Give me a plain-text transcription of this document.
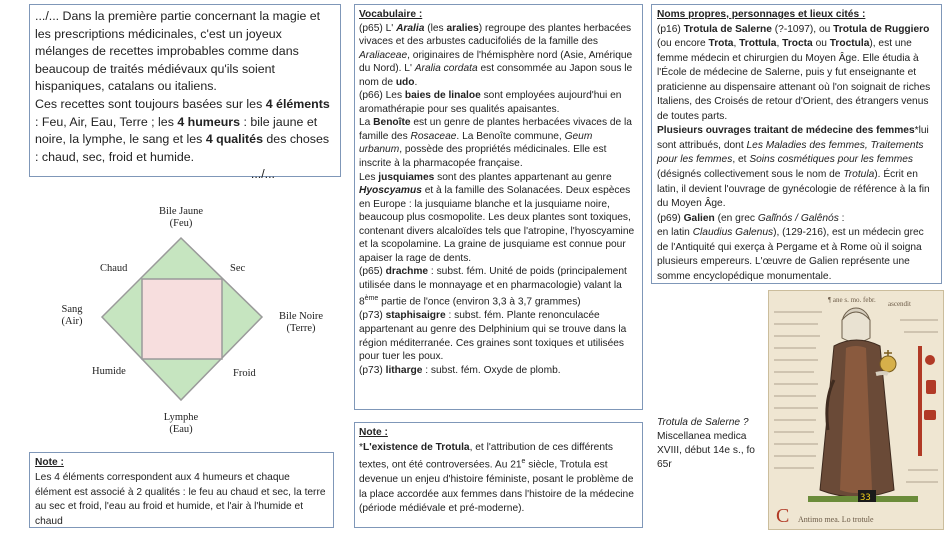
.../... Dans la première partie concernant la magie et les prescriptions médicinales, c'est un joyeux mélanges de recettes improbables comme dans beaucoup de traités médiévaux qu'ils soient hispaniques, catalans ou italiens.

Ces recettes sont toujours basées sur les 4 éléments : Feu, Air, Eau, Terre ; les 4 humeurs : bile jaune et noire, la lymphe, le sang et les 4 qualités des choses : chaud, sec, froid et humide.

.../...

Bile Jaune
(Feu)
Sang
(Air)	Bile Noire
(Terre)
Lymphe
(Eau)
Chaud	Sec
Humide	Froid
Note :
Les 4 éléments correspondent aux 4 humeurs et chaque élément est associé à 2 qualités : le feu au chaud et sec, la terre au sec et froid, l'eau au froid et humide, et l'air à l'humide et chaud
Vocabulaire :

(p65) L' Aralia (les aralies) regroupe des plantes herbacées vivaces et des arbustes caducifoliés de la famille des Araliaceae, originaires de l'hémisphère nord (Asie, Amérique du Nord). L' Aralia cordata est consommée au Japon sous le nom de udo.

(p66) Les baies de linaloe sont employées aujourd'hui en aromathérapie pour ses qualités apaisantes.

La Benoîte est un genre de plantes herbacées vivaces de la famille des Rosaceae. La Benoîte commune, Geum urbanum, possède des propriétés médicinales. Elle est inscrite à la pharmacopée française.

Les jusquiames sont des plantes appartenant au genre Hyoscyamus et à la famille des Solanacées. Deux espèces en Europe : la jusquiame blanche et la jusquiame noire, beaucoup plus cosmopolite. Les deux plantes sont toxiques, contenant divers alcaloïdes tels que l'atropine, l'hyoscyamine et la scopolamine. La graine de jusquiame est connue pour apaiser la rage de dents.

(p65) drachme : subst. fém. Unité de poids (principalement utilisée dans le monnayage et en pharmacologie) valant la 8ème partie de l'once (environ 3,3 à 3,7 grammes)

(p73) staphisaigre : subst. fém. Plante renonculacée appartenant au genre des Delphinium qui se trouve dans la région méditerranée. Ces graines sont toxiques et utilisées pour tuer les poux.

(p73) litharge : subst. fém. Oxyde de plomb.

Note :
*L'existence de Trotula, et l'attribution de ces différents textes, ont été controversées. Au 21e siècle, Trotula est devenue un enjeu d'histoire féministe, posant le problème de la place accordée aux femmes dans l'histoire de la médecine (période médiévale et pré-moderne).
Noms propres, personnages et lieux cités :

(p16) Trotula de Salerne (?-1097), ou Trotula de Ruggiero (ou encore Trota, Trottula, Trocta ou Troctula), est une femme médecin et chirurgien du Moyen Âge. Elle étudia à l'École de médecine de Salerne, puis y fut enseignante et praticienne au dispensaire attenant où l'on soignait de riches Italiens, des Croisés de retour d'Orient, des étrangers venus de toutes parts.

Plusieurs ouvrages traitant de médecine des femmes*lui sont attribués, dont Les Maladies des femmes, Traitements pour les femmes, et Soins cosmétiques pour les femmes (désignés collectivement sous le nom de Trotula). Écrit en latin, il devient l'ouvrage de gynécologie de référence à la fin du Moyen Âge.

(p69) Galien (en grec Galĭnós / Galênós :
en latin Claudius Galenus), (129-216), est un médecin grec de l'Antiquité qui exerça à Pergame et à Rome où il soigna plusieurs empereurs. L'œuvre de Galien représente une somme encyclopédique monumentale.

Trotula de Salerne ?
Miscellanea medica XVIII, début 14e s., fo 65r
C
33
¶ ane s. mo. febr. ascendit
Antimo mea. Lo trotule
